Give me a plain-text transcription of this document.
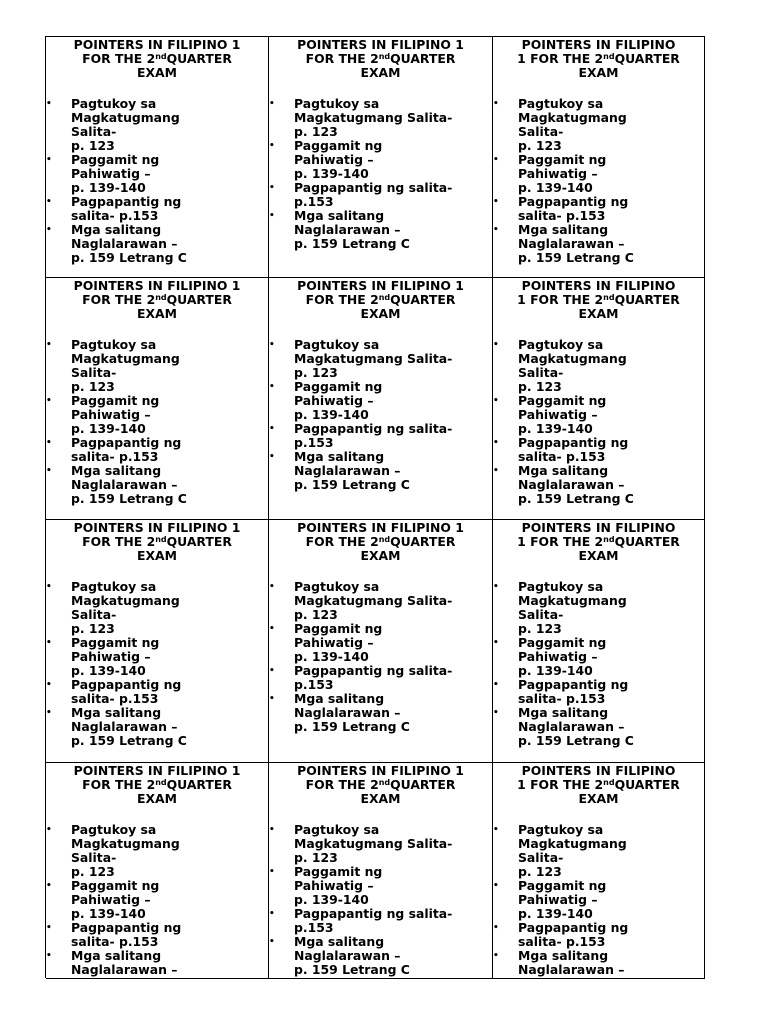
POINTERS IN FILIPINO 1
FOR THE 2ndQUARTER
EXAM
• Pagtukoy sa
Magkatugmang
Salita-
p. 123
• Paggamit ng
Pahiwatig –
p. 139-140
• Pagpapantig ng
salita- p.153
• Mga salitang
Naglalarawan –
p. 159 Letrang C
POINTERS IN FILIPINO 1
FOR THE 2ndQUARTER
EXAM
• Pagtukoy sa
Magkatugmang Salita-
p. 123
• Paggamit ng
Pahiwatig –
p. 139-140
• Pagpapantig ng salita-
p.153
• Mga salitang
Naglalarawan –
p. 159 Letrang C
POINTERS IN FILIPINO
1 FOR THE 2ndQUARTER
EXAM
• Pagtukoy sa
Magkatugmang
Salita-
p. 123
• Paggamit ng
Pahiwatig –
p. 139-140
• Pagpapantig ng
salita- p.153
• Mga salitang
Naglalarawan –
p. 159 Letrang C
POINTERS IN FILIPINO 1
FOR THE 2ndQUARTER
EXAM
• Pagtukoy sa
Magkatugmang
Salita-
p. 123
• Paggamit ng
Pahiwatig –
p. 139-140
• Pagpapantig ng
salita- p.153
• Mga salitang
Naglalarawan –
p. 159 Letrang C
POINTERS IN FILIPINO 1
FOR THE 2ndQUARTER
EXAM
• Pagtukoy sa
Magkatugmang Salita-
p. 123
• Paggamit ng
Pahiwatig –
p. 139-140
• Pagpapantig ng salita-
p.153
• Mga salitang
Naglalarawan –
p. 159 Letrang C
POINTERS IN FILIPINO
1 FOR THE 2ndQUARTER
EXAM
• Pagtukoy sa
Magkatugmang
Salita-
p. 123
• Paggamit ng
Pahiwatig –
p. 139-140
• Pagpapantig ng
salita- p.153
• Mga salitang
Naglalarawan –
p. 159 Letrang C
POINTERS IN FILIPINO 1
FOR THE 2ndQUARTER
EXAM
• Pagtukoy sa
Magkatugmang
Salita-
p. 123
• Paggamit ng
Pahiwatig –
p. 139-140
• Pagpapantig ng
salita- p.153
• Mga salitang
Naglalarawan –
p. 159 Letrang C
POINTERS IN FILIPINO 1
FOR THE 2ndQUARTER
EXAM
• Pagtukoy sa
Magkatugmang Salita-
p. 123
• Paggamit ng
Pahiwatig –
p. 139-140
• Pagpapantig ng salita-
p.153
• Mga salitang
Naglalarawan –
p. 159 Letrang C
POINTERS IN FILIPINO
1 FOR THE 2ndQUARTER
EXAM
• Pagtukoy sa
Magkatugmang
Salita-
p. 123
• Paggamit ng
Pahiwatig –
p. 139-140
• Pagpapantig ng
salita- p.153
• Mga salitang
Naglalarawan –
p. 159 Letrang C
POINTERS IN FILIPINO 1
FOR THE 2ndQUARTER
EXAM
• Pagtukoy sa
Magkatugmang
Salita-
p. 123
• Paggamit ng
Pahiwatig –
p. 139-140
• Pagpapantig ng
salita- p.153
• Mga salitang
Naglalarawan –
POINTERS IN FILIPINO 1
FOR THE 2ndQUARTER
EXAM
• Pagtukoy sa
Magkatugmang Salita-
p. 123
• Paggamit ng
Pahiwatig –
p. 139-140
• Pagpapantig ng salita-
p.153
• Mga salitang
Naglalarawan –
p. 159 Letrang C
POINTERS IN FILIPINO
1 FOR THE 2ndQUARTER
EXAM
• Pagtukoy sa
Magkatugmang
Salita-
p. 123
• Paggamit ng
Pahiwatig –
p. 139-140
• Pagpapantig ng
salita- p.153
• Mga salitang
Naglalarawan –
